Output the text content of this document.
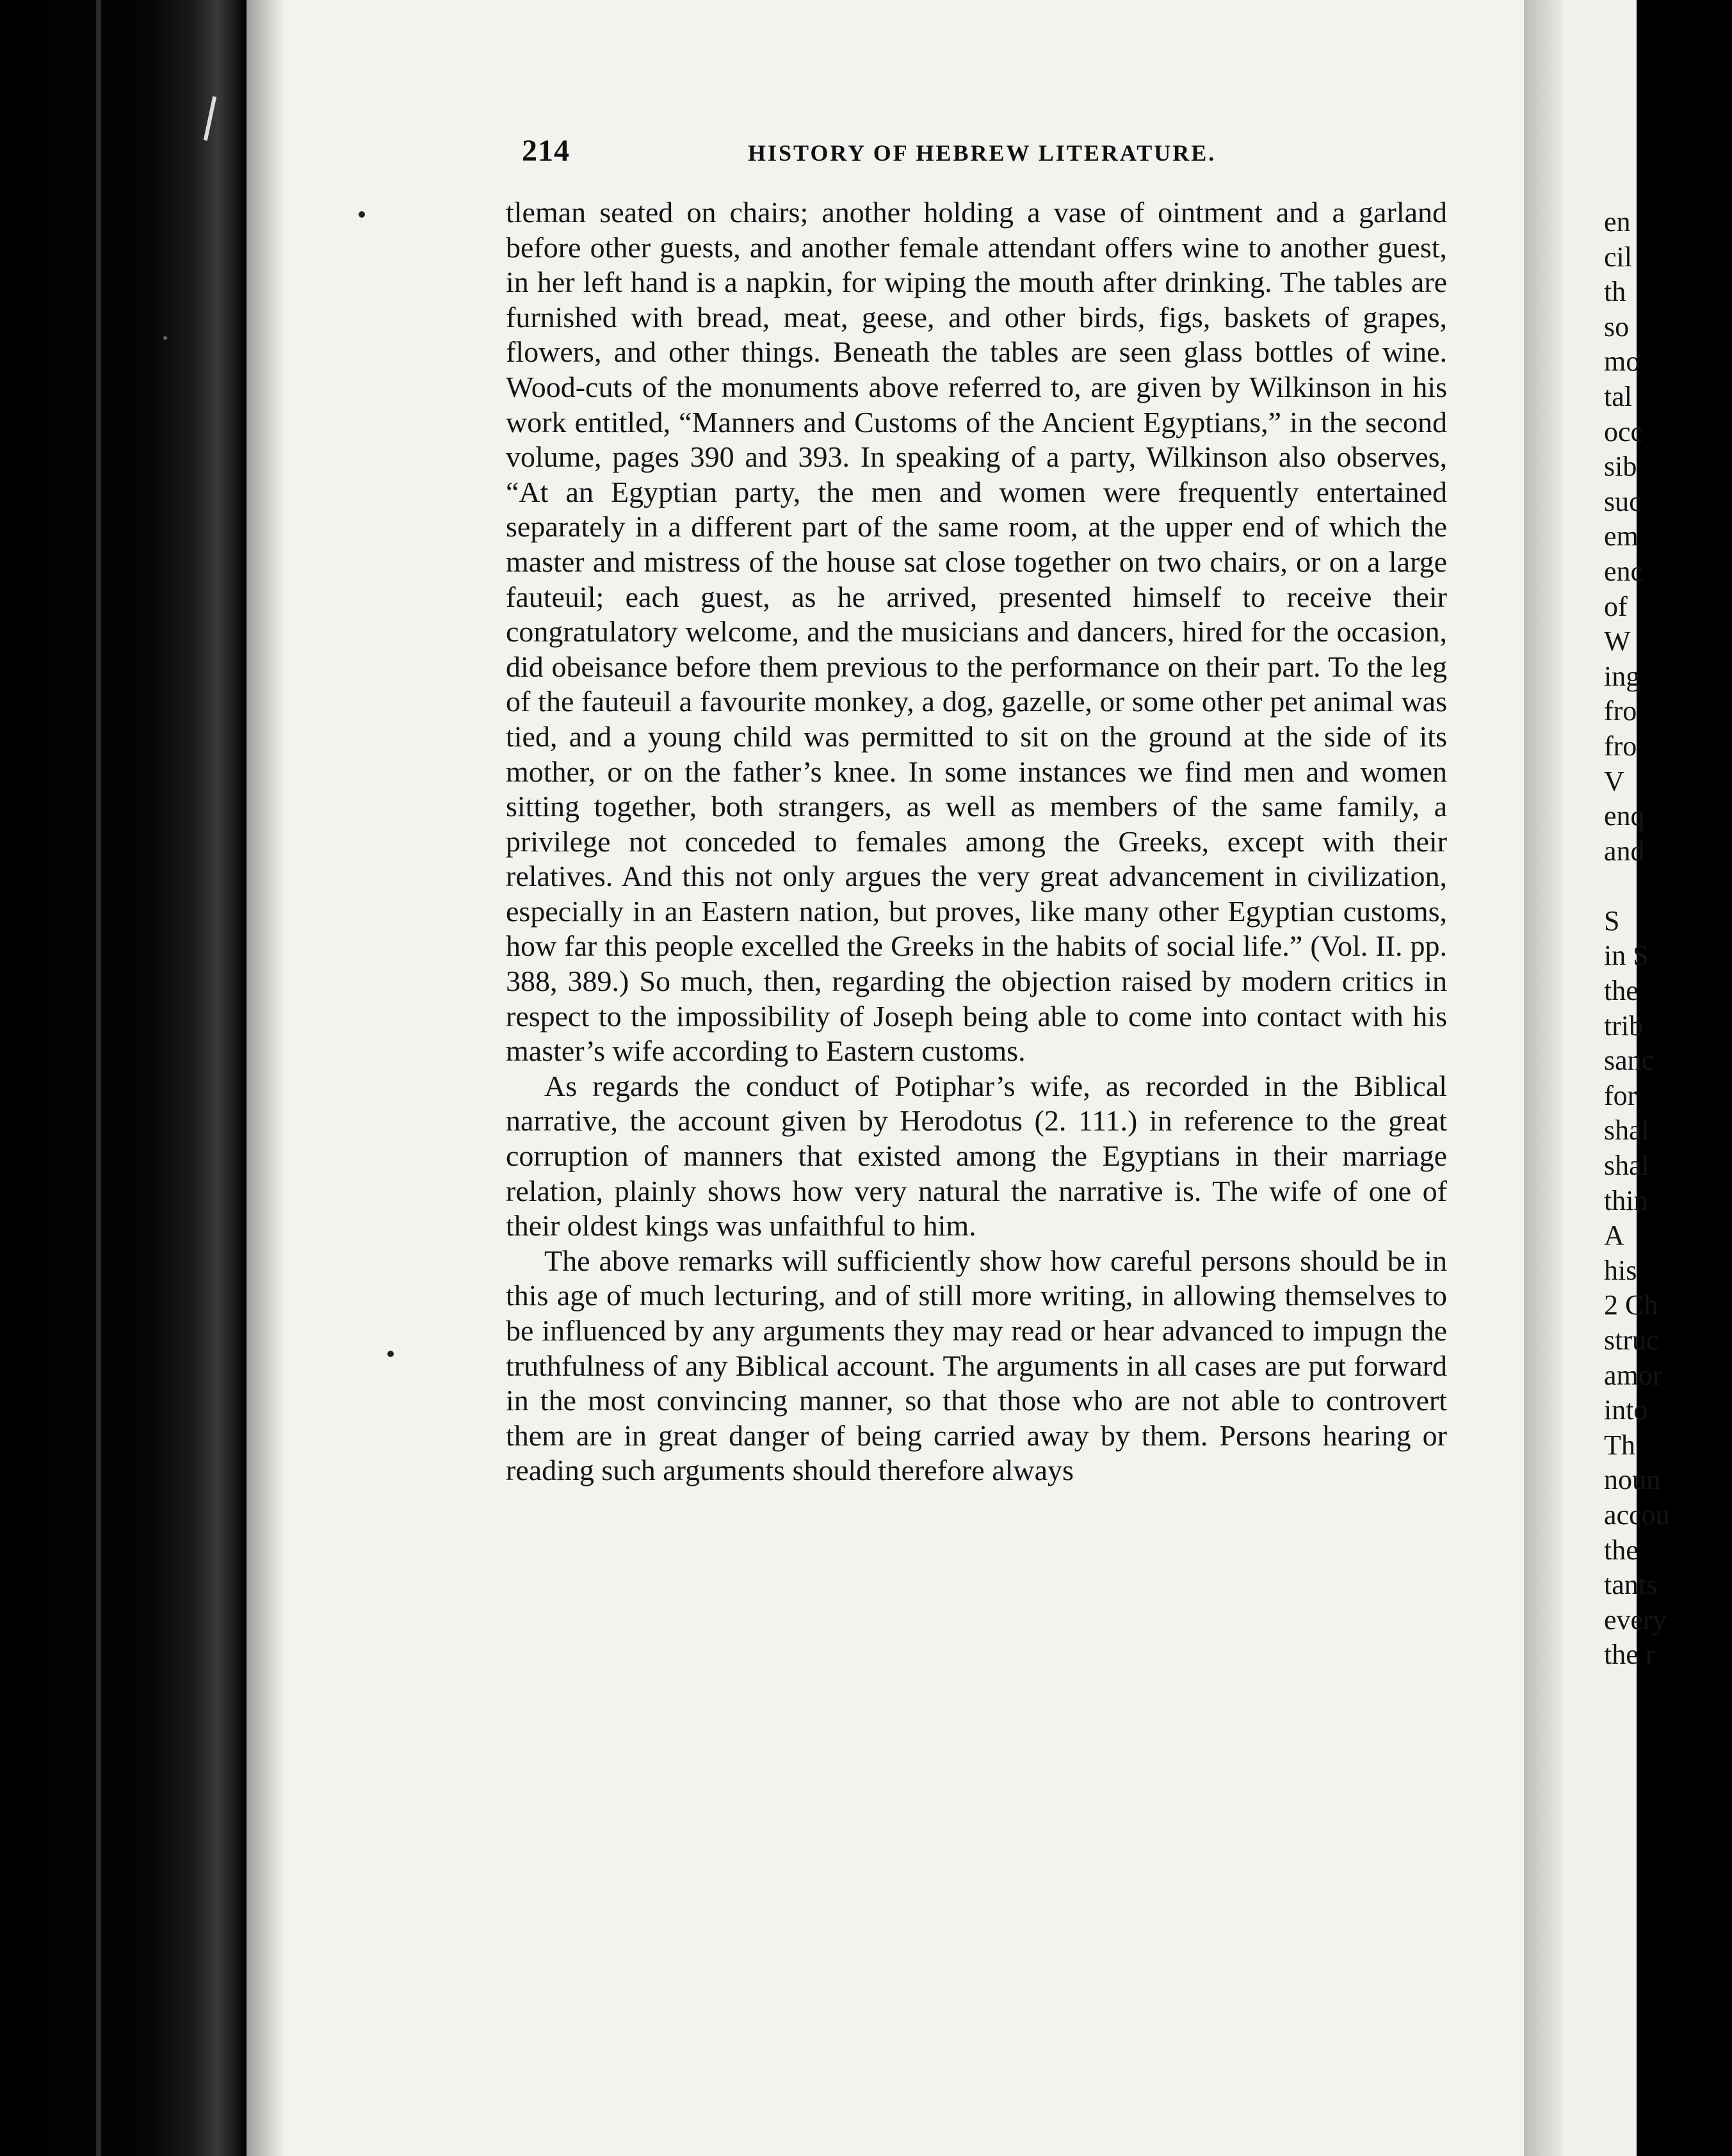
214	HISTORY OF HEBREW LITERATURE.

tleman seated on chairs; another holding a vase of ointment and a garland before other guests, and another female attendant offers wine to another guest, in her left hand is a napkin, for wiping the mouth after drinking. The tables are furnished with bread, meat, geese, and other birds, figs, baskets of grapes, flowers, and other things. Beneath the tables are seen glass bottles of wine. Wood-cuts of the monuments above referred to, are given by Wilkinson in his work entitled, “Manners and Customs of the Ancient Egyptians,” in the second volume, pages 390 and 393. In speaking of a party, Wilkinson also observes, “At an Egyptian party, the men and women were frequently entertained separately in a different part of the same room, at the upper end of which the master and mistress of the house sat close together on two chairs, or on a large fauteuil; each guest, as he arrived, presented himself to receive their congratulatory welcome, and the musicians and dancers, hired for the occasion, did obeisance before them previous to the performance on their part. To the leg of the fauteuil a favourite monkey, a dog, gazelle, or some other pet animal was tied, and a young child was permitted to sit on the ground at the side of its mother, or on the father’s knee. In some instances we find men and women sitting together, both strangers, as well as members of the same family, a privilege not conceded to females among the Greeks, except with their relatives. And this not only argues the very great advancement in civilization, especially in an Eastern nation, but proves, like many other Egyptian customs, how far this people excelled the Greeks in the habits of social life.” (Vol. II. pp. 388, 389.) So much, then, regarding the objection raised by modern critics in respect to the impossibility of Joseph being able to come into contact with his master’s wife according to Eastern customs.

As regards the conduct of Potiphar’s wife, as recorded in the Biblical narrative, the account given by Herodotus (2. 111.) in reference to the great corruption of manners that existed among the Egyptians in their marriage relation, plainly shows how very natural the narrative is. The wife of one of their oldest kings was unfaithful to him.

The above remarks will sufficiently show how careful persons should be in this age of much lecturing, and of still more writing, in allowing themselves to be influenced by any arguments they may read or hear advanced to impugn the truthfulness of any Biblical account. The arguments in all cases are put forward in the most convincing manner, so that those who are not able to controvert them are in great danger of being carried away by them. Persons hearing or reading such arguments should therefore always

en
cil
th
so
mo
tal
occ
sib
suc
em
enc
of
W
ing
fro
fro
V
enq
and
S
in S
the
trib
sanc
for
shal
shal
thin
A
his
2 Ch
struc
amor
into
Th
noun
accou
the
tants
every
the r
